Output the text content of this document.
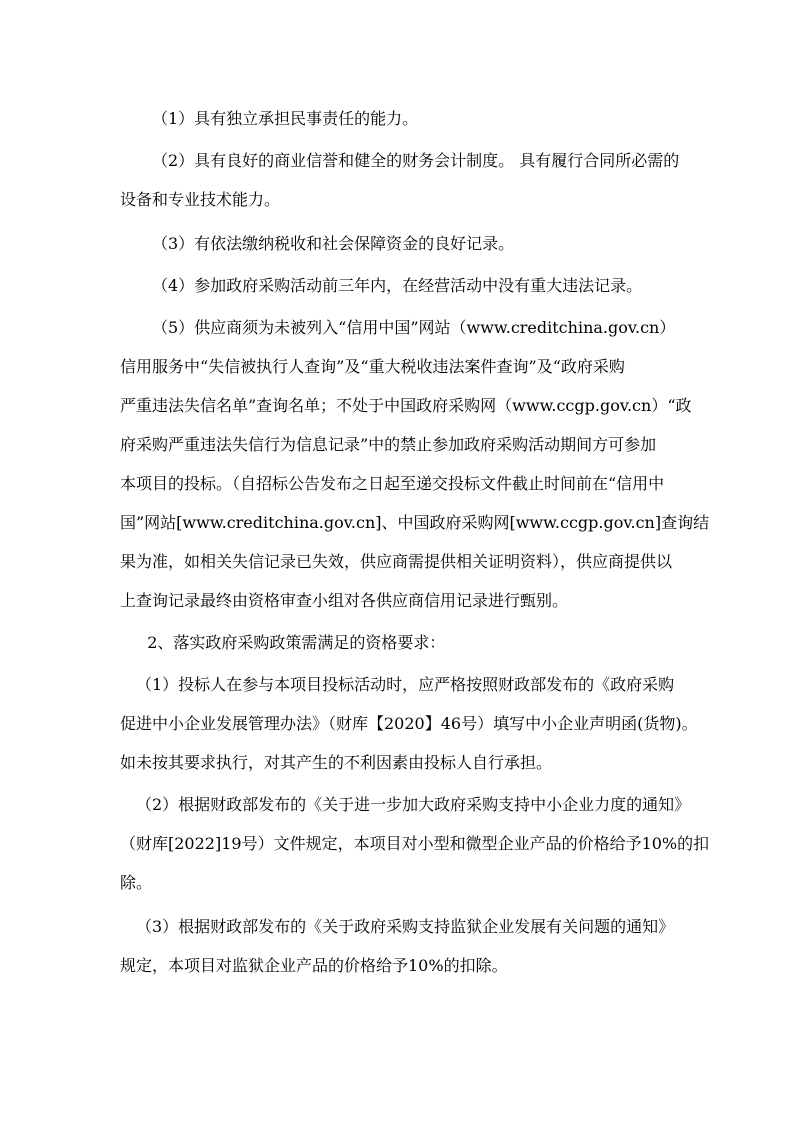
（1）具有独立承担民事责任的能力。

（2）具有良好的商业信誉和健全的财务会计制度。 具有履行合同所必需的

设备和专业技术能力。

（3）有依法缴纳税收和社会保障资金的良好记录。

（4）参加政府采购活动前三年内，在经营活动中没有重大违法记录。

（5）供应商须为未被列入“信用中国”网站（www.creditchina.gov.cn）

信用服务中“失信被执行人查询”及“重大税收违法案件查询”及“政府采购
严重违法失信名单”查询名单；不处于中国政府采购网（www.ccgp.gov.cn）“政
府采购严重违法失信行为信息记录”中的禁止参加政府采购活动期间方可参加
本项目的投标。（自招标公告发布之日起至递交投标文件截止时间前在“信用中
国”网站[www.creditchina.gov.cn]、中国政府采购网[www.ccgp.gov.cn]查询结
果为准，如相关失信记录已失效，供应商需提供相关证明资料），供应商提供以
上查询记录最终由资格审查小组对各供应商信用记录进行甄别。

2、落实政府采购政策需满足的资格要求：

（1）投标人在参与本项目投标活动时，应严格按照财政部发布的《政府采购

促进中小企业发展管理办法》（财库【2020】46号）填写中小企业声明函(货物)。
如未按其要求执行，对其产生的不利因素由投标人自行承担。

（2）根据财政部发布的《关于进一步加大政府采购支持中小企业力度的通知》

（财库[2022]19号）文件规定，本项目对小型和微型企业产品的价格给予10%的扣
除。

（3）根据财政部发布的《关于政府采购支持监狱企业发展有关问题的通知》

规定，本项目对监狱企业产品的价格给予10%的扣除。
